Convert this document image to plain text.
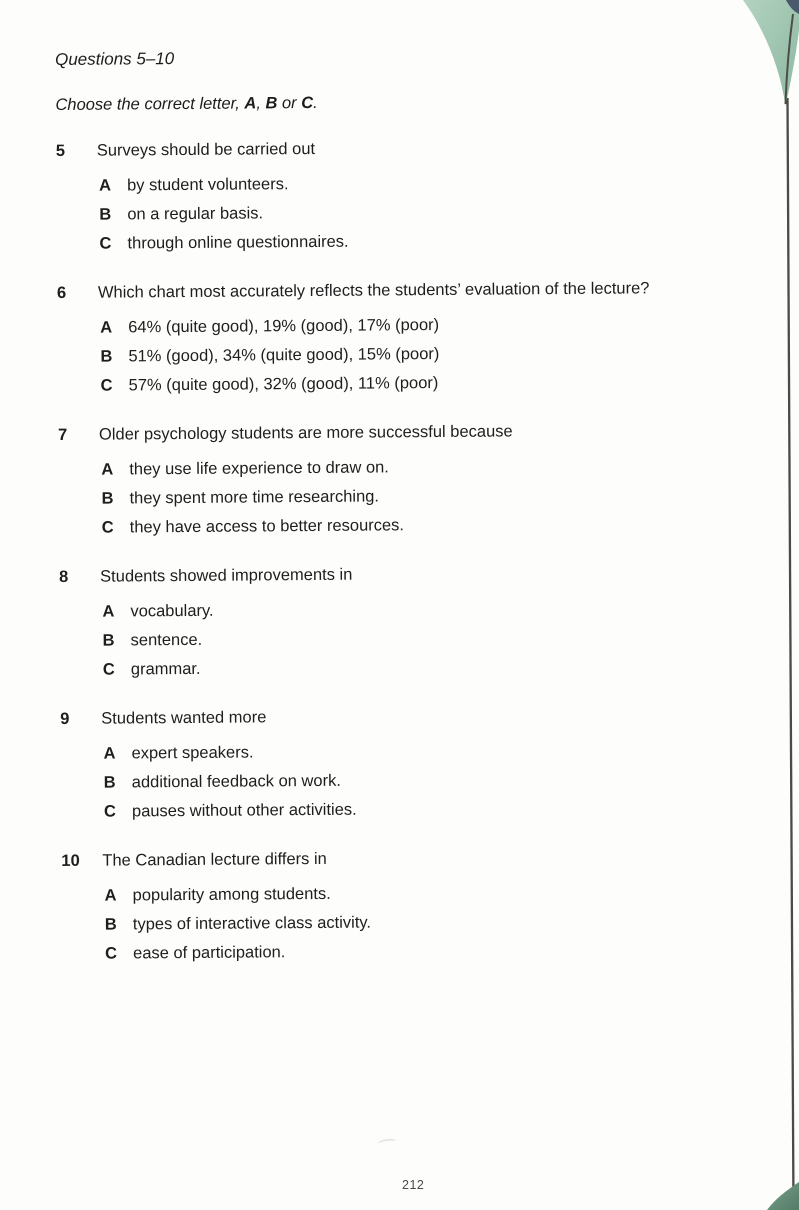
Questions 5–10
Choose the correct letter, A, B or C.
5	Surveys should be carried out
A by student volunteers.
B on a regular basis.
C through online questionnaires.
6	Which chart most accurately reflects the students’ evaluation of the lecture?
A 64% (quite good), 19% (good), 17% (poor)
B 51% (good), 34% (quite good), 15% (poor)
C 57% (quite good), 32% (good), 11% (poor)
7	Older psychology students are more successful because
A they use life experience to draw on.
B they spent more time researching.
C they have access to better resources.
8	Students showed improvements in
A vocabulary.
B sentence.
C grammar.
9	Students wanted more
A expert speakers.
B additional feedback on work.
C pauses without other activities.
10	The Canadian lecture differs in
A popularity among students.
B types of interactive class activity.
C ease of participation.
212
